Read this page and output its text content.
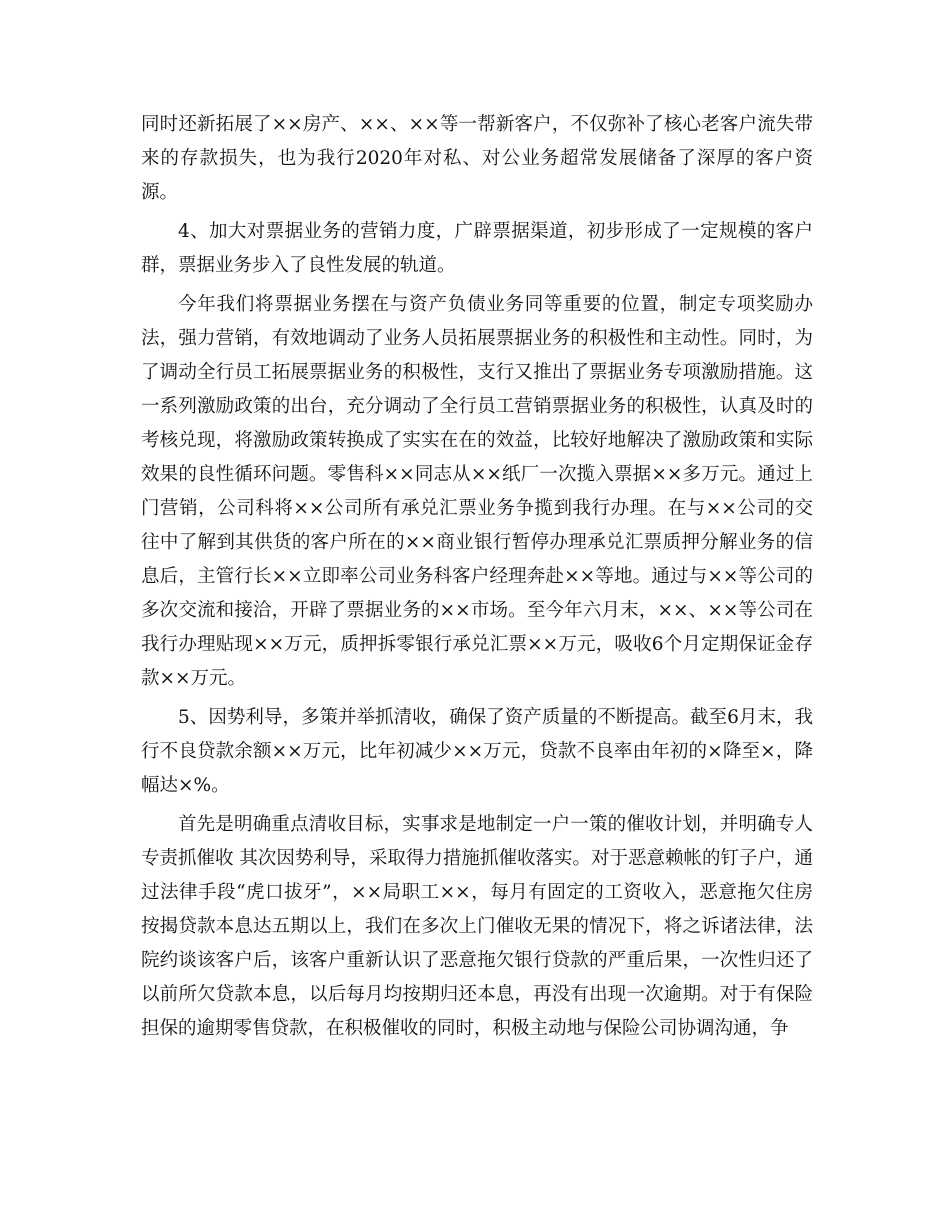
同时还新拓展了××房产、××、××等一帮新客户，不仅弥补了核心老客户流失带来的存款损失，也为我行2020年对私、对公业务超常发展储备了深厚的客户资源。

4、加大对票据业务的营销力度，广辟票据渠道，初步形成了一定规模的客户群，票据业务步入了良性发展的轨道。

今年我们将票据业务摆在与资产负债业务同等重要的位置，制定专项奖励办法，强力营销，有效地调动了业务人员拓展票据业务的积极性和主动性。同时，为了调动全行员工拓展票据业务的积极性，支行又推出了票据业务专项激励措施。这一系列激励政策的出台，充分调动了全行员工营销票据业务的积极性，认真及时的考核兑现，将激励政策转换成了实实在在的效益，比较好地解决了激励政策和实际效果的良性循环问题。零售科××同志从××纸厂一次揽入票据××多万元。通过上门营销，公司科将××公司所有承兑汇票业务争揽到我行办理。在与××公司的交往中了解到其供货的客户所在的××商业银行暂停办理承兑汇票质押分解业务的信息后，主管行长××立即率公司业务科客户经理奔赴××等地。通过与××等公司的多次交流和接洽，开辟了票据业务的××市场。至今年六月末，××、××等公司在我行办理贴现××万元，质押拆零银行承兑汇票××万元，吸收6个月定期保证金存款××万元。

5、因势利导，多策并举抓清收，确保了资产质量的不断提高。截至6月末，我行不良贷款余额××万元，比年初减少××万元，贷款不良率由年初的×降至×，降幅达×%。

首先是明确重点清收目标，实事求是地制定一户一策的催收计划，并明确专人专责抓催收 其次因势利导，采取得力措施抓催收落实。对于恶意赖帐的钉子户，通过法律手段“虎口拔牙”，××局职工××，每月有固定的工资收入，恶意拖欠住房按揭贷款本息达五期以上，我们在多次上门催收无果的情况下，将之诉诸法律，法院约谈该客户后，该客户重新认识了恶意拖欠银行贷款的严重后果，一次性归还了以前所欠贷款本息，以后每月均按期归还本息，再没有出现一次逾期。对于有保险担保的逾期零售贷款，在积极催收的同时，积极主动地与保险公司协调沟通，争
